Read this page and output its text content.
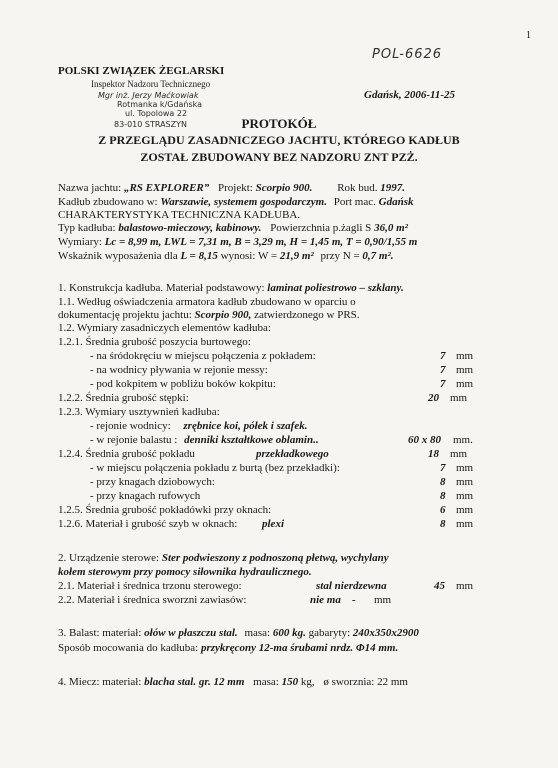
1
POL-6626
POLSKI ZWIĄZEK ŻEGLARSKI
Inspektor Nadzoru Technicznego
Mgr inż. Jerzy Maćkowiak
Rotmanka k/Gdańska
ul. Topolowa 22
83-010 STRASZYN
Gdańsk, 2006-11-25
PROTOKÓŁ
Z PRZEGLĄDU ZASADNICZEGO JACHTU, KTÓREGO KADŁUB
ZOSTAŁ ZBUDOWANY BEZ NADZORU ZNT PZŻ.
Nazwa jachtu: „RS EXPLORER” Projekt: Scorpio 900. Rok bud. 1997.
Kadłub zbudowano w: Warszawie, systemem gospodarczym. Port mac. Gdańsk
CHARAKTERYSTYKA TECHNICZNA KADŁUBA.
Typ kadłuba: balastowo-mieczowy, kabinowy. Powierzchnia p.żagli S 36,0 m²
Wymiary: Lc = 8,99 m, LWL = 7,31 m, B = 3,29 m, H = 1,45 m, T = 0,90/1,55 m
Wskaźnik wyposażenia dla L = 8,15 wynosi: W = 21,9 m² przy N = 0,7 m².
1. Konstrukcja kadłuba. Materiał podstawowy: laminat poliestrowo – szklany.
1.1. Według oświadczenia armatora kadłub zbudowano w oparciu o
dokumentację projektu jachtu: Scorpio 900, zatwierdzonego w PRS.
1.2. Wymiary zasadniczych elementów kadłuba:
1.2.1. Średnia grubość poszycia burtowego:
- na śródokręciu w miejscu połączenia z pokładem:	7 mm
- na wodnicy pływania w rejonie messy:	7 mm
- pod kokpitem w pobliżu boków kokpitu:	7 mm
1.2.2. Średnia grubość stępki:	20 mm
1.2.3. Wymiary usztywnień kadłuba:
- rejonie wodnicy: zrębnice koi, półek i szafek.
- w rejonie balastu : denniki kształtkowe oblamin..	60 x 80 mm.
1.2.4. Średnia grubość pokładu	przekładkowego	18 mm
- w miejscu połączenia pokładu z burtą (bez przekładki):	7 mm
- przy knagach dziobowych:	8 mm
- przy knagach rufowych	8 mm
1.2.5. Średnia grubość pokładówki przy oknach:	6 mm
1.2.6. Materiał i grubość szyb w oknach: plexi	8 mm
2. Urządzenie sterowe: Ster podwieszony z podnoszoną płetwą, wychylany
kołem sterowym przy pomocy siłownika hydraulicznego.
2.1. Materiał i średnica trzonu sterowego:	stal nierdzewna	45 mm
2.2. Materiał i średnica sworzni zawiasów:	nie ma - mm
3. Balast: materiał: ołów w płaszczu stal. masa: 600 kg. gabaryty: 240x350x2900
Sposób mocowania do kadłuba: przykręcony 12-ma śrubami nrdz. Φ14 mm.
4. Miecz: materiał: blacha stal. gr. 12 mm masa: 150 kg, ø sworznia: 22 mm
